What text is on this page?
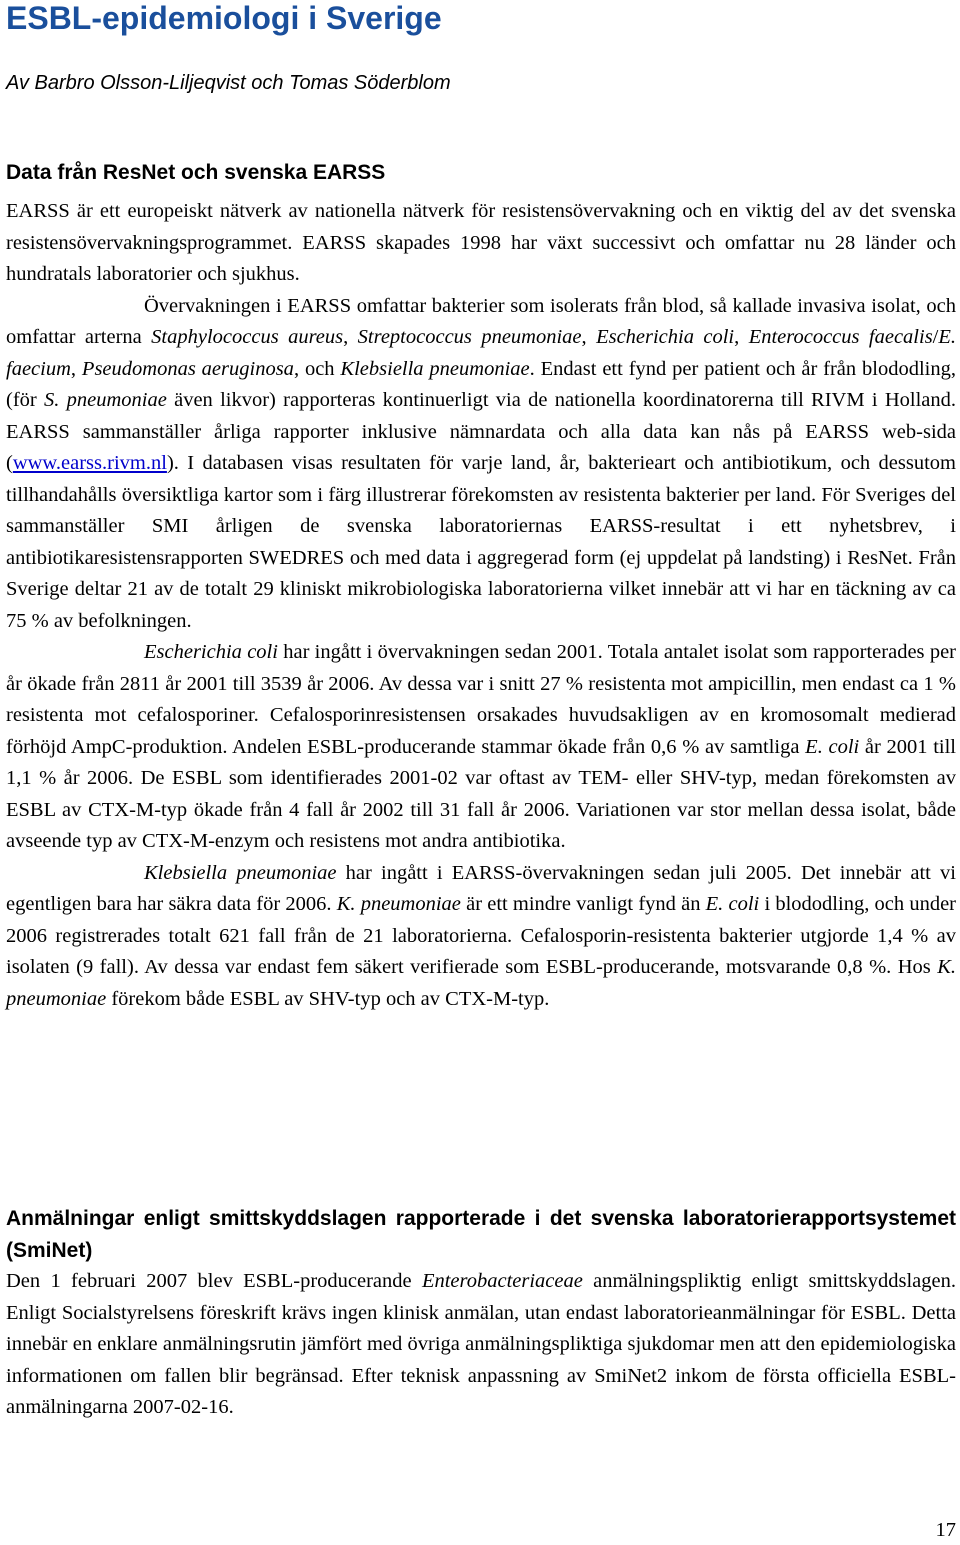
ESBL-epidemiologi i Sverige
Av Barbro Olsson-Liljeqvist och Tomas Söderblom
Data från ResNet och svenska EARSS

EARSS är ett europeiskt nätverk av nationella nätverk för resistensövervakning och en viktig del av det svenska resistensövervakningsprogrammet. EARSS skapades 1998 har växt successivt och omfattar nu 28 länder och hundratals laboratorier och sjukhus.

Övervakningen i EARSS omfattar bakterier som isolerats från blod, så kallade invasiva isolat, och omfattar arterna Staphylococcus aureus, Streptococcus pneumoniae, Escherichia coli, Enterococcus faecalis/E. faecium, Pseudomonas aeruginosa, och Klebsiella pneumoniae. Endast ett fynd per patient och år från blododling, (för S. pneumoniae även likvor) rapporteras kontinuerligt via de nationella koordinatorerna till RIVM i Holland. EARSS sammanställer årliga rapporter inklusive nämnardata och alla data kan nås på EARSS web-sida (www.earss.rivm.nl). I databasen visas resultaten för varje land, år, bakterieart och antibiotikum, och dessutom tillhandahålls översiktliga kartor som i färg illustrerar förekomsten av resistenta bakterier per land. För Sveriges del sammanställer SMI årligen de svenska laboratoriernas EARSS-resultat i ett nyhetsbrev, i antibiotikaresistensrapporten SWEDRES och med data i aggregerad form (ej uppdelat på landsting) i ResNet. Från Sverige deltar 21 av de totalt 29 kliniskt mikrobiologiska laboratorierna vilket innebär att vi har en täckning av ca 75 % av befolkningen.

Escherichia coli har ingått i övervakningen sedan 2001. Totala antalet isolat som rapporterades per år ökade från 2811 år 2001 till 3539 år 2006. Av dessa var i snitt 27 % resistenta mot ampicillin, men endast ca 1 % resistenta mot cefalosporiner. Cefalosporinresistensen orsakades huvudsakligen av en kromosomalt medierad förhöjd AmpC-produktion. Andelen ESBL-producerande stammar ökade från 0,6 % av samtliga E. coli år 2001 till 1,1 % år 2006. De ESBL som identifierades 2001-02 var oftast av TEM- eller SHV-typ, medan förekomsten av ESBL av CTX-M-typ ökade från 4 fall år 2002 till 31 fall år 2006. Variationen var stor mellan dessa isolat, både avseende typ av CTX-M-enzym och resistens mot andra antibiotika.

Klebsiella pneumoniae har ingått i EARSS-övervakningen sedan juli 2005. Det innebär att vi egentligen bara har säkra data för 2006. K. pneumoniae är ett mindre vanligt fynd än E. coli i blododling, och under 2006 registrerades totalt 621 fall från de 21 laboratorierna. Cefalosporin-resistenta bakterier utgjorde 1,4 % av isolaten (9 fall). Av dessa var endast fem säkert verifierade som ESBL-producerande, motsvarande 0,8 %. Hos K. pneumoniae förekom både ESBL av SHV-typ och av CTX-M-typ.

Anmälningar enligt smittskyddslagen rapporterade i det svenska laboratorierapportsystemet (SmiNet)

Den 1 februari 2007 blev ESBL-producerande Enterobacteriaceae anmälningspliktig enligt smittskyddslagen. Enligt Socialstyrelsens föreskrift krävs ingen klinisk anmälan, utan endast laboratorieanmälningar för ESBL. Detta innebär en enklare anmälningsrutin jämfört med övriga anmälningspliktiga sjukdomar men att den epidemiologiska informationen om fallen blir begränsad. Efter teknisk anpassning av SmiNet2 inkom de första officiella ESBL-anmälningarna 2007-02-16.

17
